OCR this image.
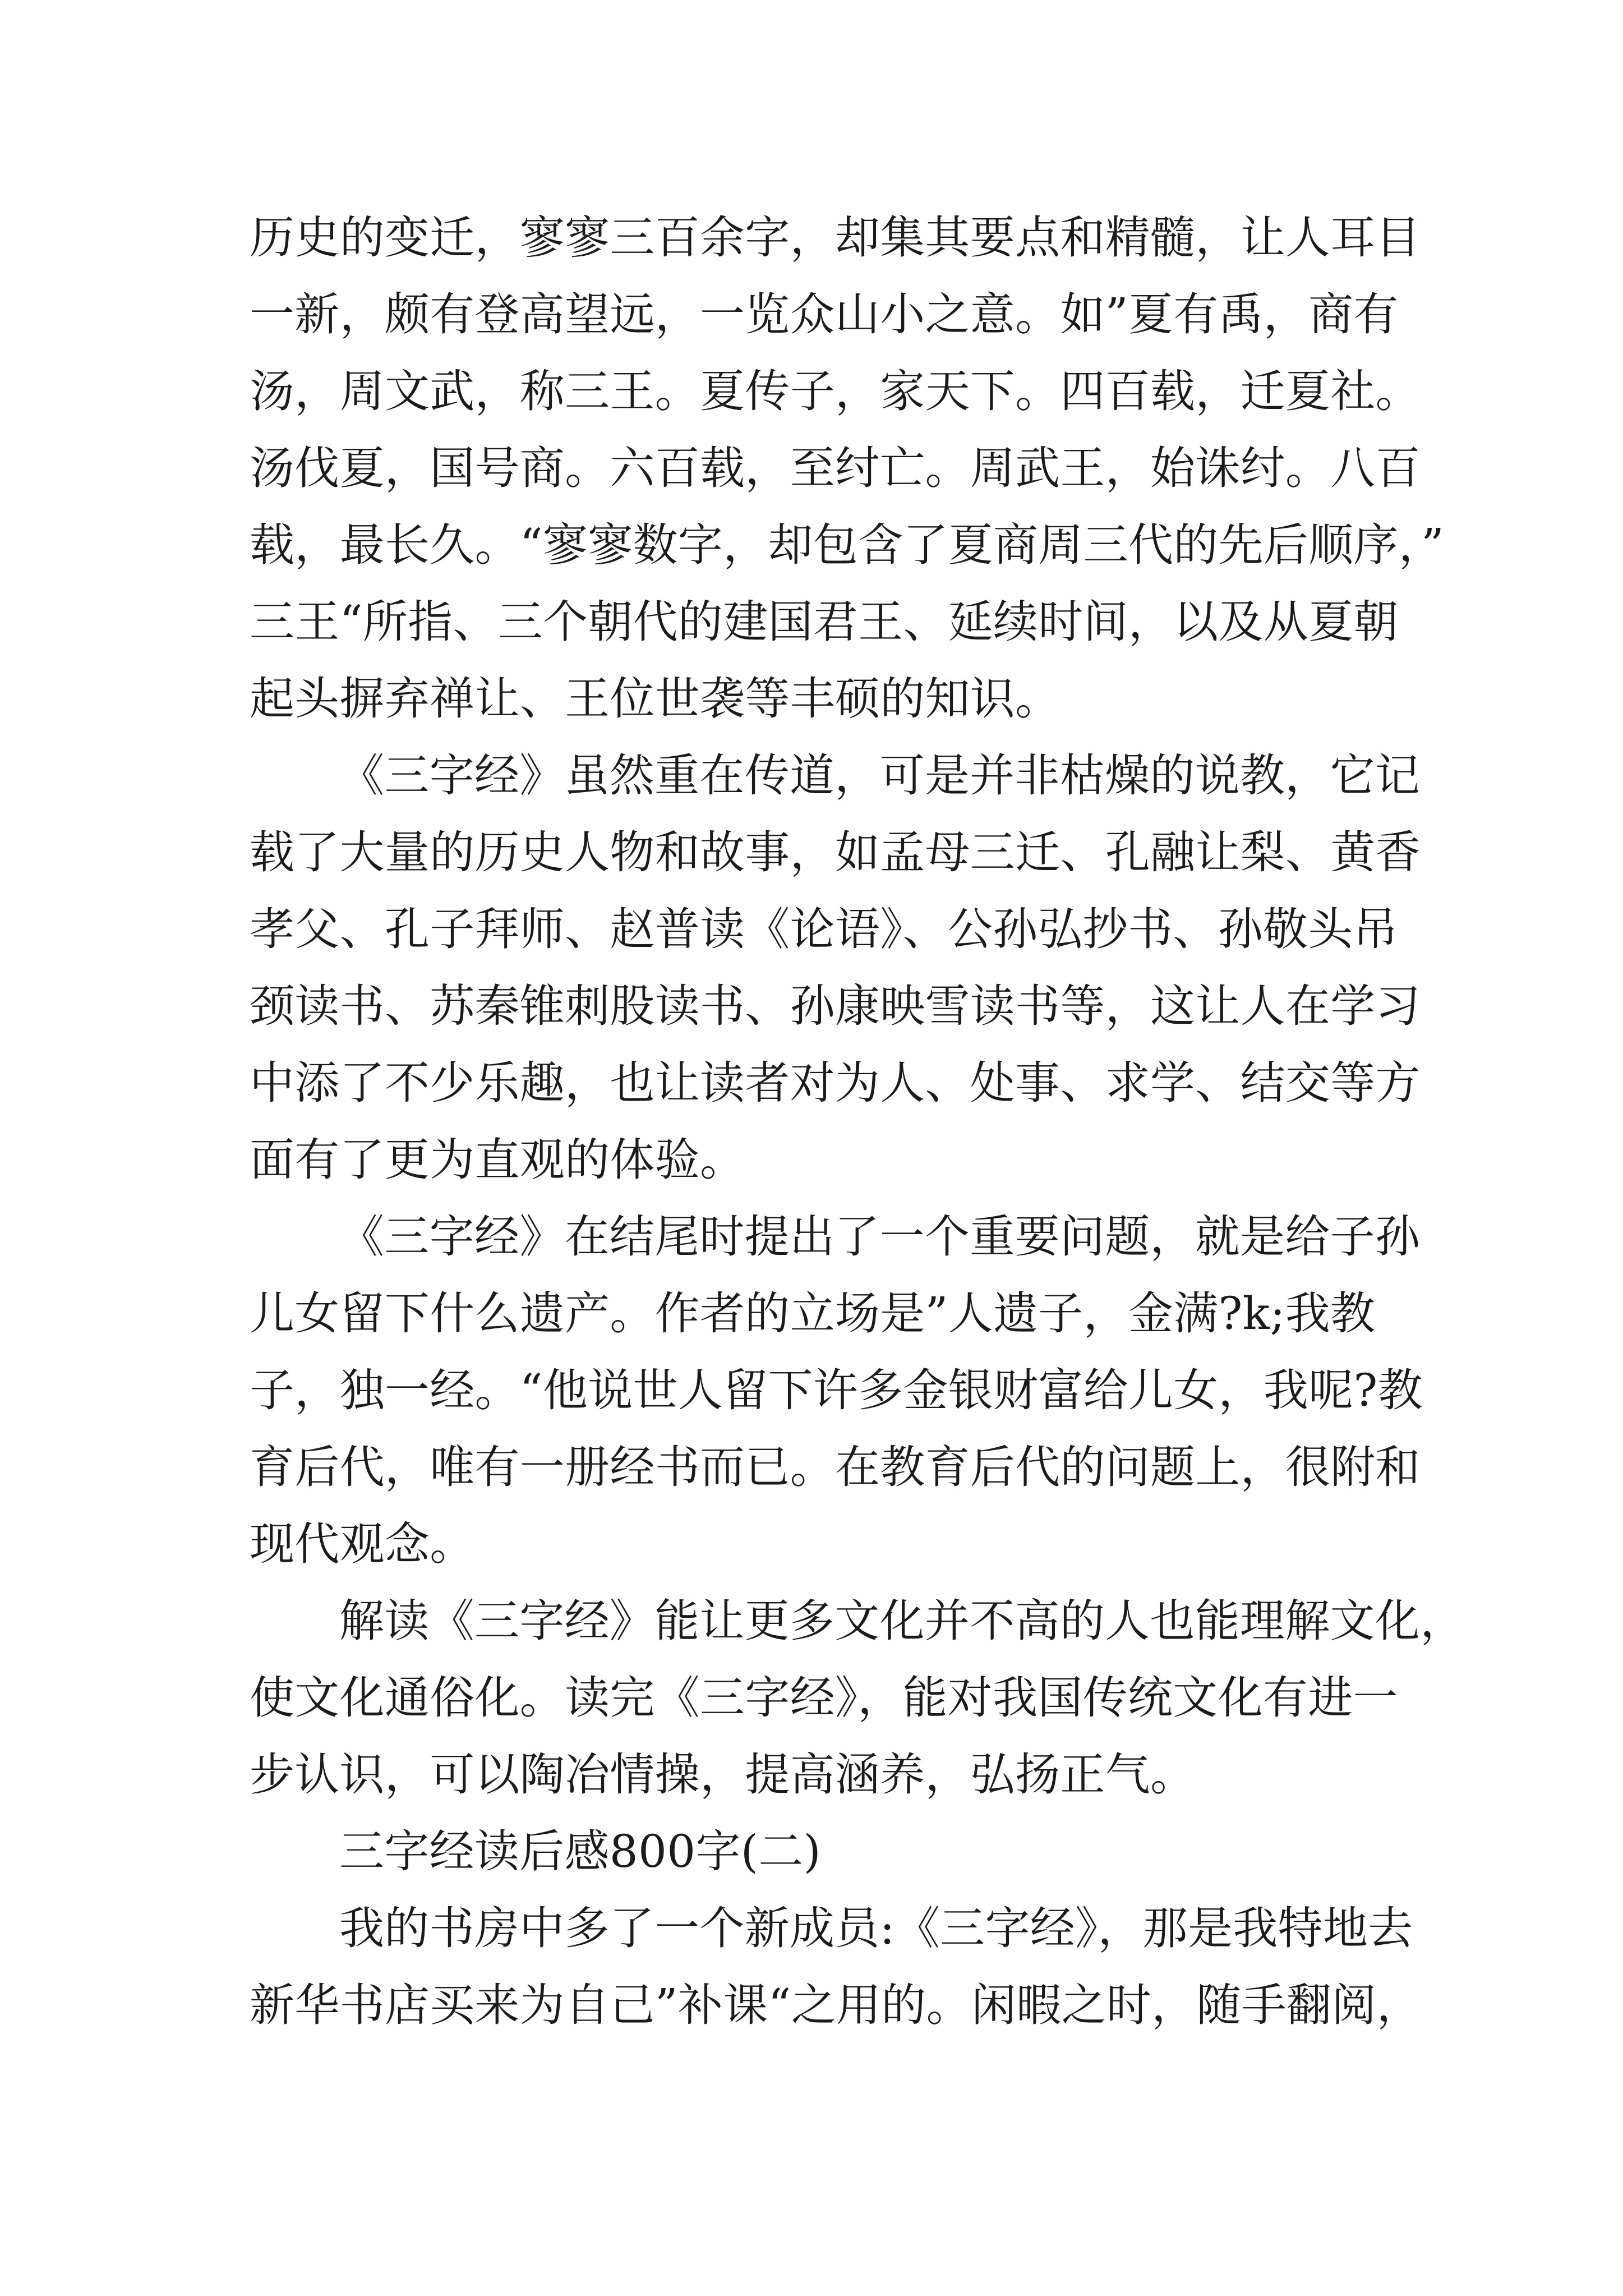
历史的变迁，寥寥三百余字，却集其要点和精髓，让人耳目
一新，颇有登高望远，一览众山小之意。如”夏有禹，商有
汤，周文武，称三王。夏传子，家天下。四百载，迁夏社。
汤伐夏，国号商。六百载，至纣亡。周武王，始诛纣。八百
载，最长久。“寥寥数字，却包含了夏商周三代的先后顺序，”
三王“所指、三个朝代的建国君王、延续时间，以及从夏朝
起头摒弃禅让、王位世袭等丰硕的知识。
《三字经》虽然重在传道，可是并非枯燥的说教，它记
载了大量的历史人物和故事，如孟母三迁、孔融让梨、黄香
孝父、孔子拜师、赵普读《论语》、公孙弘抄书、孙敬头吊
颈读书、苏秦锥刺股读书、孙康映雪读书等，这让人在学习
中添了不少乐趣，也让读者对为人、处事、求学、结交等方
面有了更为直观的体验。
《三字经》在结尾时提出了一个重要问题，就是给子孙
儿女留下什么遗产。作者的立场是”人遗子，金满?k;我教
子，独一经。“他说世人留下许多金银财富给儿女，我呢?教
育后代，唯有一册经书而已。在教育后代的问题上，很附和
现代观念。
解读《三字经》能让更多文化并不高的人也能理解文化，
使文化通俗化。读完《三字经》，能对我国传统文化有进一
步认识，可以陶冶情操，提高涵养，弘扬正气。
三字经读后感800字(二)
我的书房中多了一个新成员:《三字经》，那是我特地去
新华书店买来为自己”补课“之用的。闲暇之时，随手翻阅，
